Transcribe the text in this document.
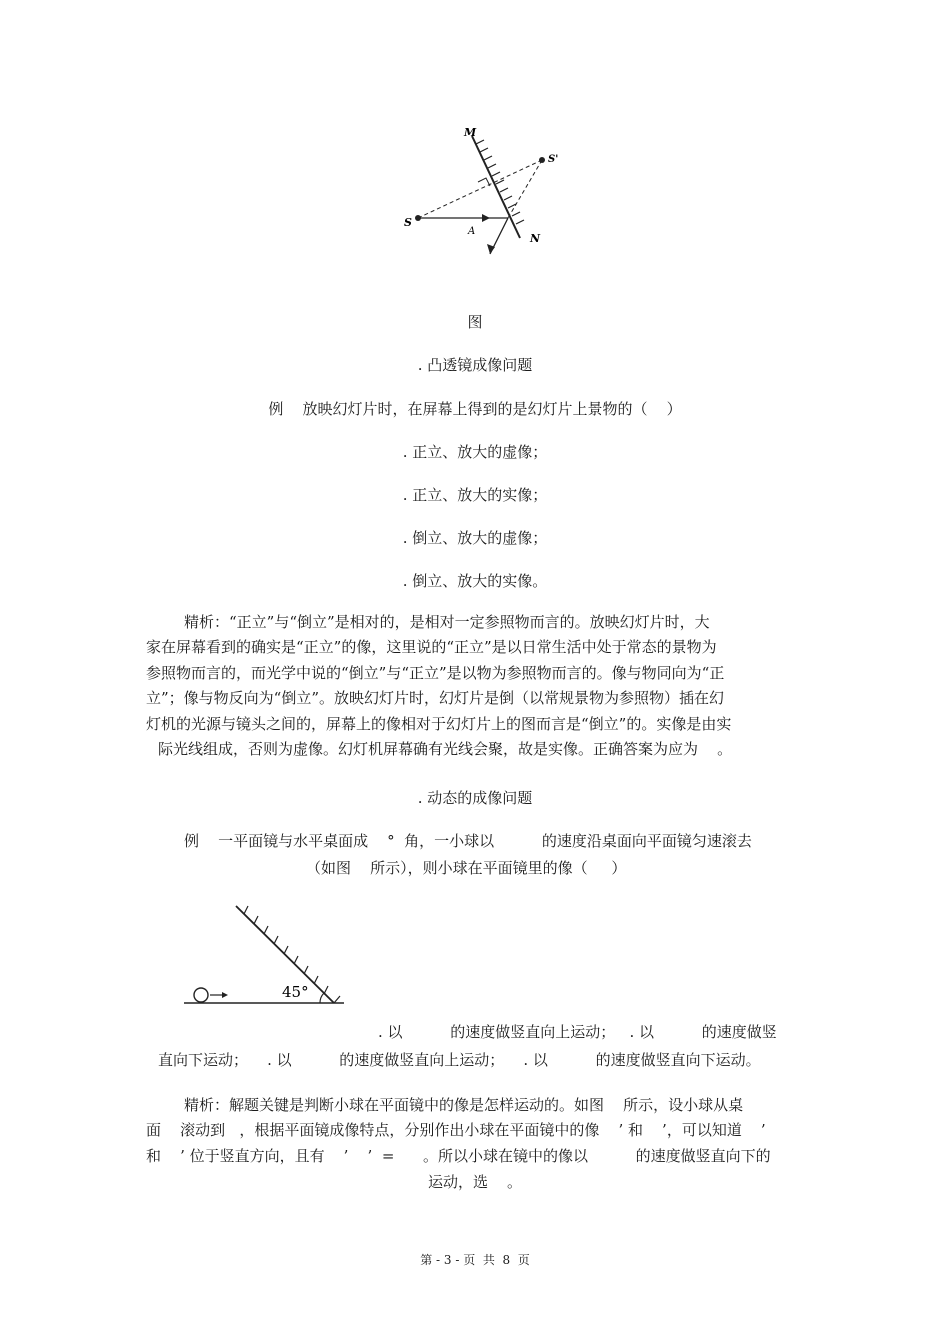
M
S'
S
A
N
图
. 凸透镜成像问题
例    放映幻灯片时，在屏幕上得到的是幻灯片上景物的（    ）
. 正立、放大的虚像；
. 正立、放大的实像；
. 倒立、放大的虚像；
. 倒立、放大的实像。

精析：“正立”与“倒立”是相对的，是相对一定参照物而言的。放映幻灯片时，大

家在屏幕看到的确实是“正立”的像，这里说的“正立”是以日常生活中处于常态的景物为

参照物而言的，而光学中说的“倒立”与“正立”是以物为参照物而言的。像与物同向为“正

立”；像与物反向为“倒立”。放映幻灯片时，幻灯片是倒（以常规景物为参照物）插在幻

灯机的光源与镜头之间的，屏幕上的像相对于幻灯片上的图而言是“倒立”的。实像是由实

际光线组成，否则为虚像。幻灯机屏幕确有光线会聚，故是实像。正确答案为应为    。

. 动态的成像问题
例    一平面镜与水平桌面成    °  角，一小球以          的速度沿桌面向平面镜匀速滚去
（如图    所示），则小球在平面镜里的像（     ）
45°
. 以          的速度做竖直向上运动；   . 以          的速度做竖
直向下运动；    . 以          的速度做竖直向上运动；    . 以          的速度做竖直向下运动。

精析：解题关键是判断小球在平面镜中的像是怎样运动的。如图    所示，设小球从桌

面    滚动到   ，根据平面镜成像特点，分别作出小球在平面镜中的像    ’ 和    ’，可以知道    ’

和    ’ 位于竖直方向，且有    ’    ’  =      。所以小球在镜中的像以          的速度做竖直向下的

运动，选    。
第 - 3 - 页  共  8  页
